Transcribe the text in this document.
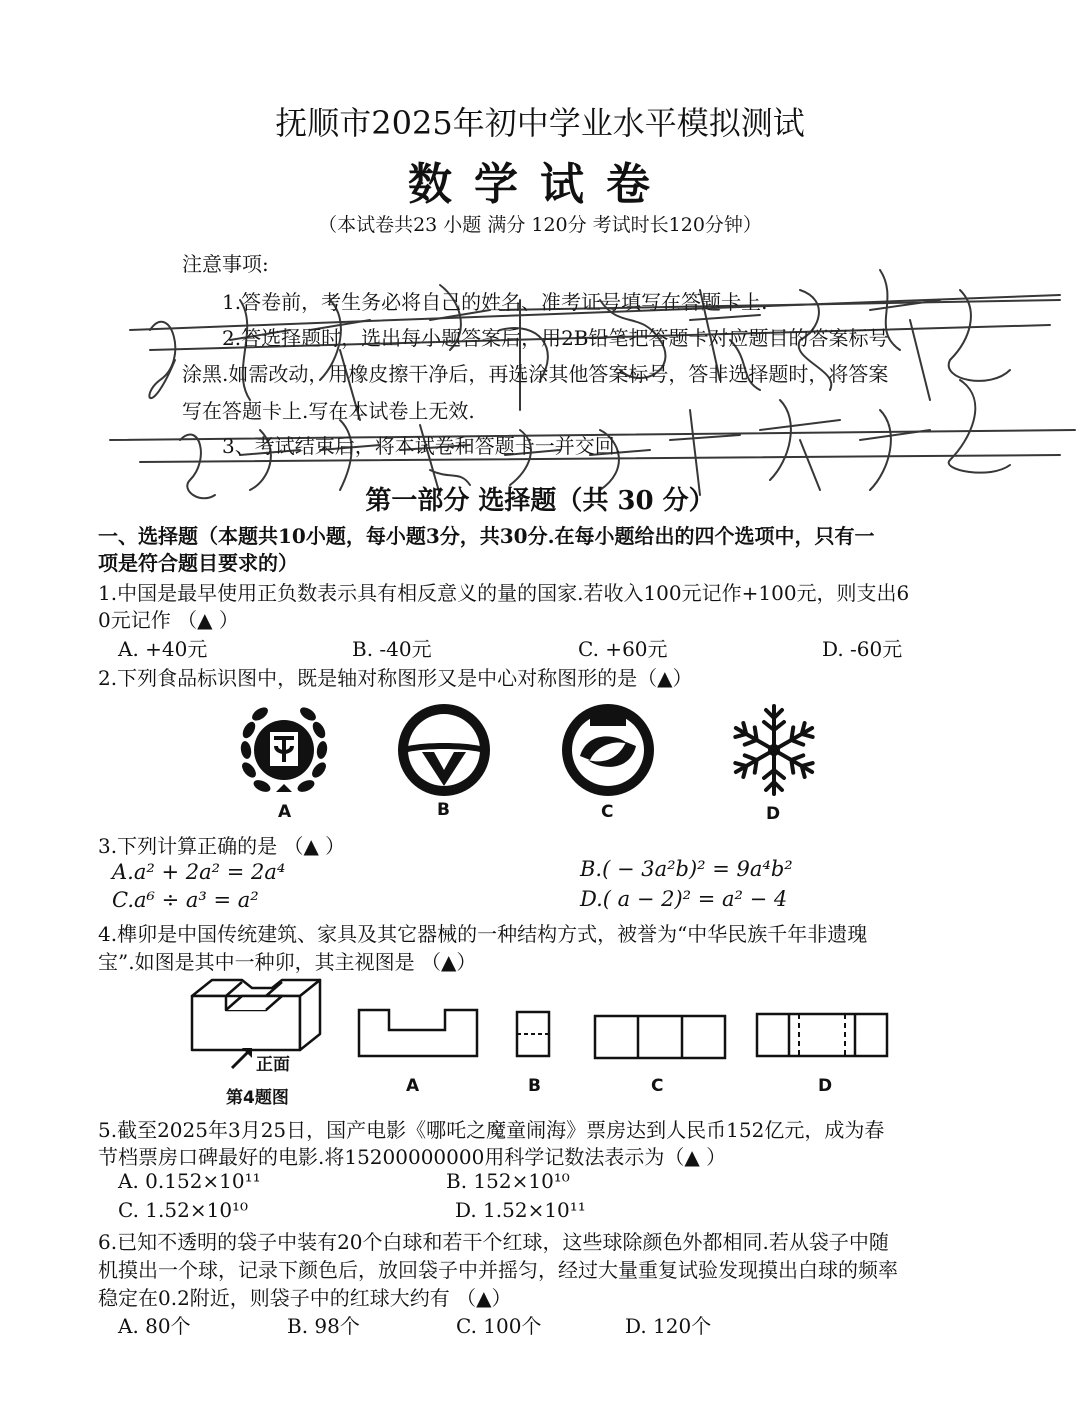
抚顺市2025年初中学业水平模拟测试
数学试卷
（本试卷共23 小题 满分 120分 考试时长120分钟）
注意事项:
1.答卷前，考生务必将自己的姓名、准考证号填写在答题卡上.
2.答选择题时，选出每小题答案后，用2B铅笔把答题卡对应题目的答案标号
涂黑.如需改动，用橡皮擦干净后，再选涂其他答案标号，答非选择题时，将答案
写在答题卡上.写在本试卷上无效.
3、考试结束后，将本试卷和答题卡一并交回.
第一部分 选择题（共 30 分）
一、选择题（本题共10小题，每小题3分，共30分.在每小题给出的四个选项中，只有一
项是符合题目要求的）
1.中国是最早使用正负数表示具有相反意义的量的国家.若收入100元记作+100元，则支出6
0元记作 （▲ ）
A. +40元	B. -40元	C. +60元	D. -60元
2.下列食品标识图中，既是轴对称图形又是中心对称图形的是（▲）
A	B	C	D
3.下列计算正确的是 （▲ ）
A.a² + 2a² = 2a⁴	B.( − 3a²b)² = 9a⁴b²
C.a⁶ ÷ a³ = a²	D.( a − 2)² = a² − 4
4.榫卯是中国传统建筑、家具及其它器械的一种结构方式，被誉为“中华民族千年非遗瑰
宝”.如图是其中一种卯，其主视图是 （▲）
正面
第4题图
A	B	C	D
5.截至2025年3月25日，国产电影《哪吒之魔童闹海》票房达到人民币152亿元，成为春
节档票房口碑最好的电影.将15200000000用科学记数法表示为（▲ ）
A. 0.152×10¹¹	B. 152×10¹⁰
C. 1.52×10¹⁰	D. 1.52×10¹¹
6.已知不透明的袋子中装有20个白球和若干个红球，这些球除颜色外都相同.若从袋子中随
机摸出一个球，记录下颜色后，放回袋子中并摇匀，经过大量重复试验发现摸出白球的频率
稳定在0.2附近，则袋子中的红球大约有 （▲）
A. 80个	B. 98个	C. 100个	D. 120个
